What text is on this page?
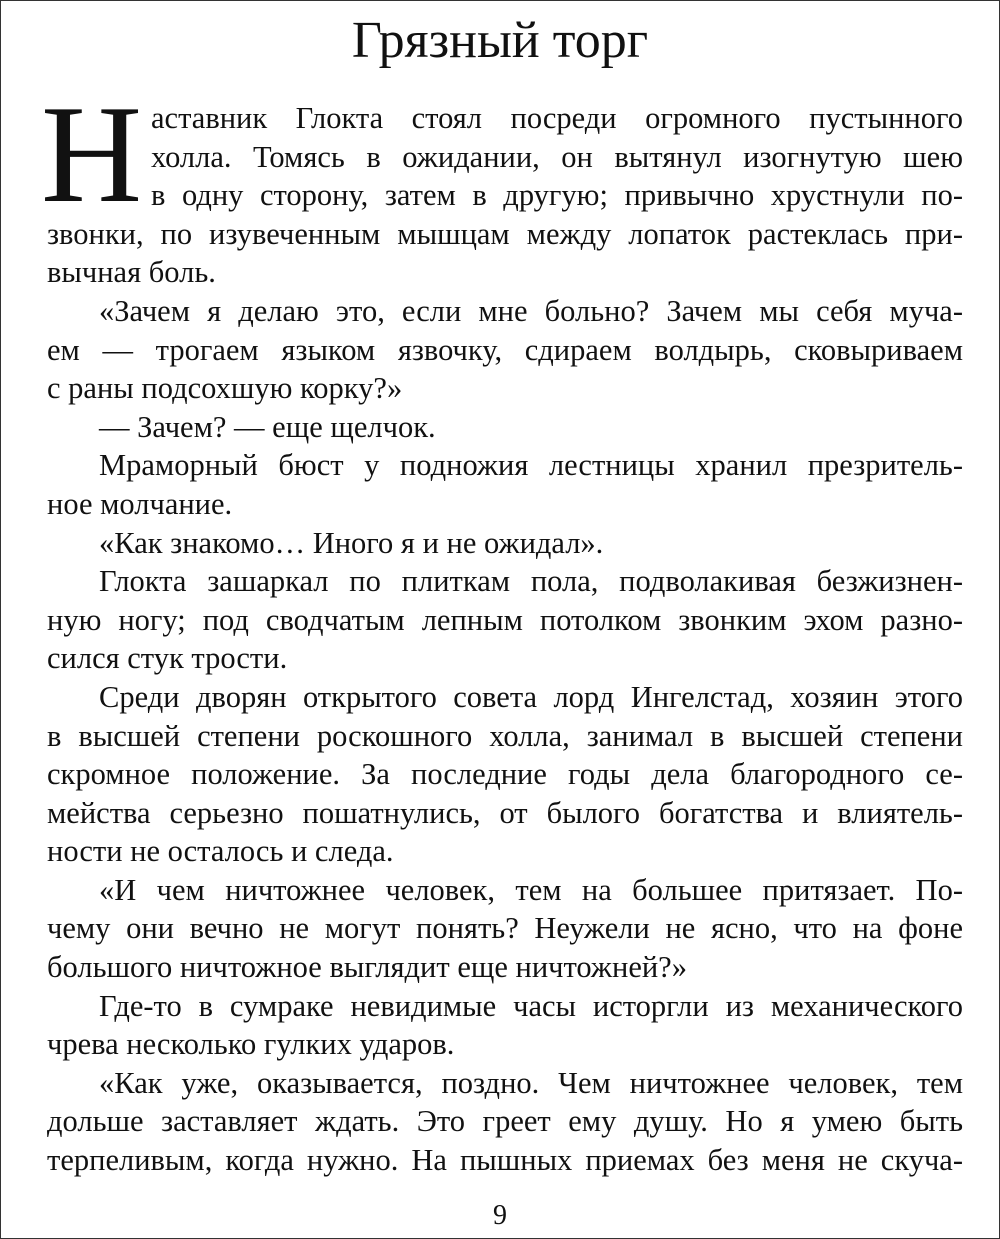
Грязный торг
Н аставник Глокта стоял посреди огромного пустынного
холла. Томясь в ожидании, он вытянул изогнутую шею
в одну сторону, затем в другую; привычно хрустнули по-
звонки, по изувеченным мышцам между лопаток растеклась при-
вычная боль.
«Зачем я делаю это, если мне больно? Зачем мы себя муча-
ем — трогаем языком язвочку, сдираем волдырь, сковыриваем
с раны подсохшую корку?»
— Зачем? — еще щелчок.
Мраморный бюст у подножия лестницы хранил презритель-
ное молчание.
«Как знакомо… Иного я и не ожидал».
Глокта зашаркал по плиткам пола, подволакивая безжизнен-
ную ногу; под сводчатым лепным потолком звонким эхом разно-
сился стук трости.
Среди дворян открытого совета лорд Ингелстад, хозяин этого
в высшей степени роскошного холла, занимал в высшей степени
скромное положение. За последние годы дела благородного се-
мейства серьезно пошатнулись, от былого богатства и влиятель-
ности не осталось и следа.
«И чем ничтожнее человек, тем на большее притязает. По-
чему они вечно не могут понять? Неужели не ясно, что на фоне
большого ничтожное выглядит еще ничтожней?»
Где-то в сумраке невидимые часы исторгли из механического
чрева несколько гулких ударов.
«Как уже, оказывается, поздно. Чем ничтожнее человек, тем
дольше заставляет ждать. Это греет ему душу. Но я умею быть
терпеливым, когда нужно. На пышных приемах без меня не скуча-
9
